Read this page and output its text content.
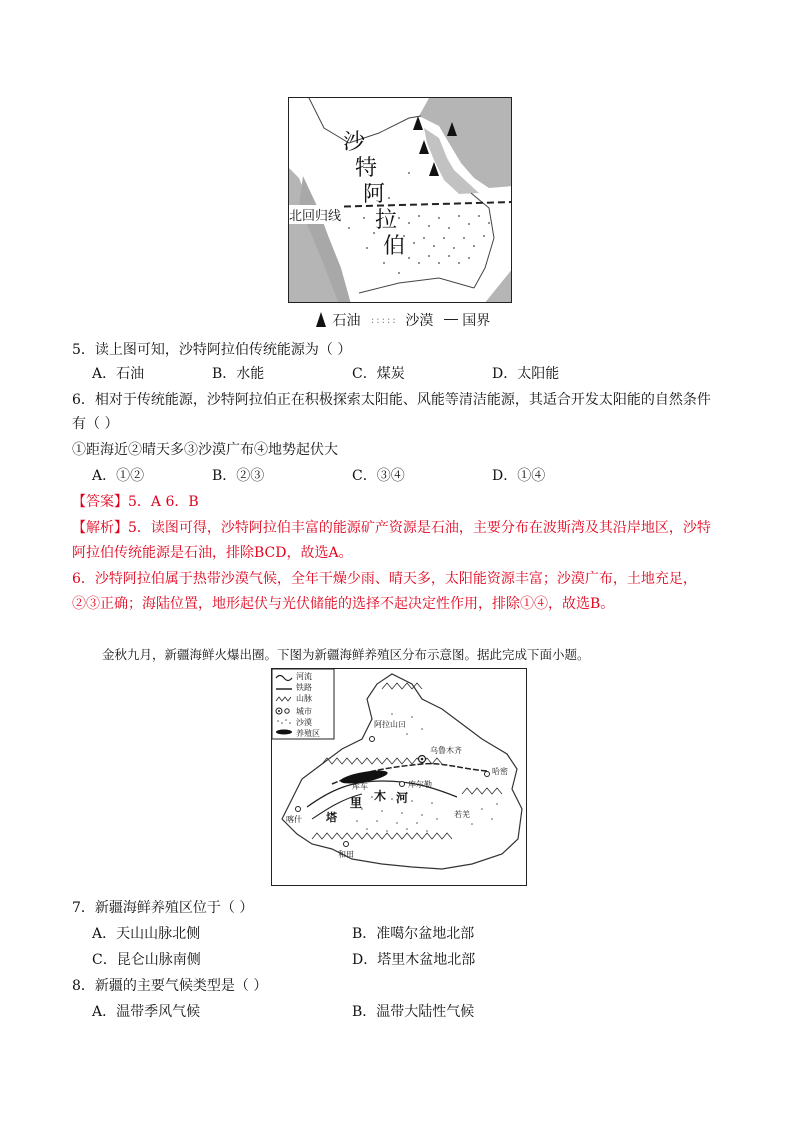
沙
特
阿
拉
伯
北回归线
石油 ::::: 沙漠 国界
5．读上图可知，沙特阿拉伯传统能源为（ ）
A．石油	B．水能	C．煤炭	D．太阳能
6．相对于传统能源，沙特阿拉伯正在积极探索太阳能、风能等清洁能源，其适合开发太阳能的自然条件
有（ ）
①距海近②晴天多③沙漠广布④地势起伏大
A．①②	B．②③	C．③④	D．①④
【答案】5．A 6．B
【解析】5．读图可得，沙特阿拉伯丰富的能源矿产资源是石油，主要分布在波斯湾及其沿岸地区，沙特
阿拉伯传统能源是石油，排除BCD，故选A。
6．沙特阿拉伯属于热带沙漠气候，全年干燥少雨、晴天多，太阳能资源丰富；沙漠广布，土地充足，
②③正确；海陆位置，地形起伏与光伏储能的选择不起决定性作用，排除①④，故选B。
金秋九月，新疆海鲜火爆出圈。下图为新疆海鲜养殖区分布示意图。据此完成下面小题。
河流
铁路
山脉
城市
沙漠
养殖区
阿拉山口
乌鲁木齐
哈密
喀什
和田
库尔勒
库车
若羌
里 木 河
塔
7．新疆海鲜养殖区位于（ ）
A．天山山脉北侧	B．准噶尔盆地北部
C．昆仑山脉南侧	D．塔里木盆地北部
8．新疆的主要气候类型是（ ）
A．温带季风气候	B．温带大陆性气候
